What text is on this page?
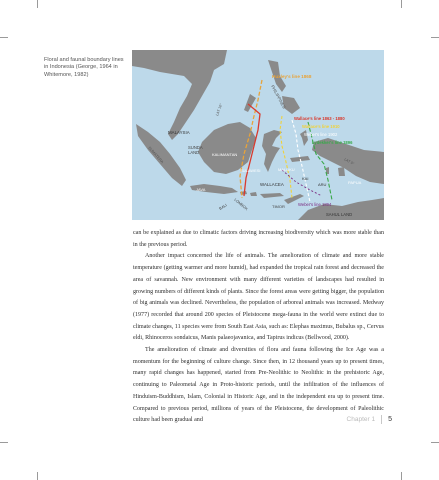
Floral and faunal boundary lines
in Indonesia (George, 1964 in
Whitemore, 1982)	Huxley's line 1868
PHILIPPINES
Wallace's line 1863 - 1880
Wallace's line 1910
Weber's line 1902
Lydekker's line 1896
MALAYSIA
SUNDA
LAND	KALIMANTAN
SUMATERA
SULAWESI	MALUKU
WALLACEA
KAI
ARU	PAPUA
JAVA
BALI LOMBOK	TIMOR	Weber's line 1894
SAHUL LAND
LAT 10°
LAT 0°

can be explained as due to climatic factors driving increasing biodiversity which was more stable than in the previous period.

Another impact concerned the life of animals. The amelioration of climate and more stable temperature (getting warmer and more humid), had expanded the tropical rain forest and decreased the area of savannah. New environment with many different varieties of landscapes had resulted in growing numbers of different kinds of plants. Since the forest areas were getting bigger, the population of big animals was declined. Nevertheless, the population of arboreal animals was increased. Medway (1977) recorded that around 200 species of Pleistocene mega-fauna in the world were extinct due to climate changes, 11 species were from South East Asia, such as: Elephas maximus, Bubalus sp., Cervus eldi, Rhinoceros sondaicus, Manis palaeojavanica, and Tapirus indicus (Bellwood, 2000).

The amelioration of climate and diversities of flora and fauna following the Ice Age was a momentum for the beginning of culture change. Since then, in 12 thousand years up to present times, many rapid changes has happened, started from Pre-Neolithic to Neolithic in the prehistoric Age, continuing to Paleometal Age in Proto-historic periods, until the infiltration of the influences of Hinduism-Buddhism, Islam, Colonial in Historic Age, and in the independent era up to present time. Compared to previous period, millions of years of the Pleistocene, the development of Paleolithic culture had been gradual and	Chapter 1 5
